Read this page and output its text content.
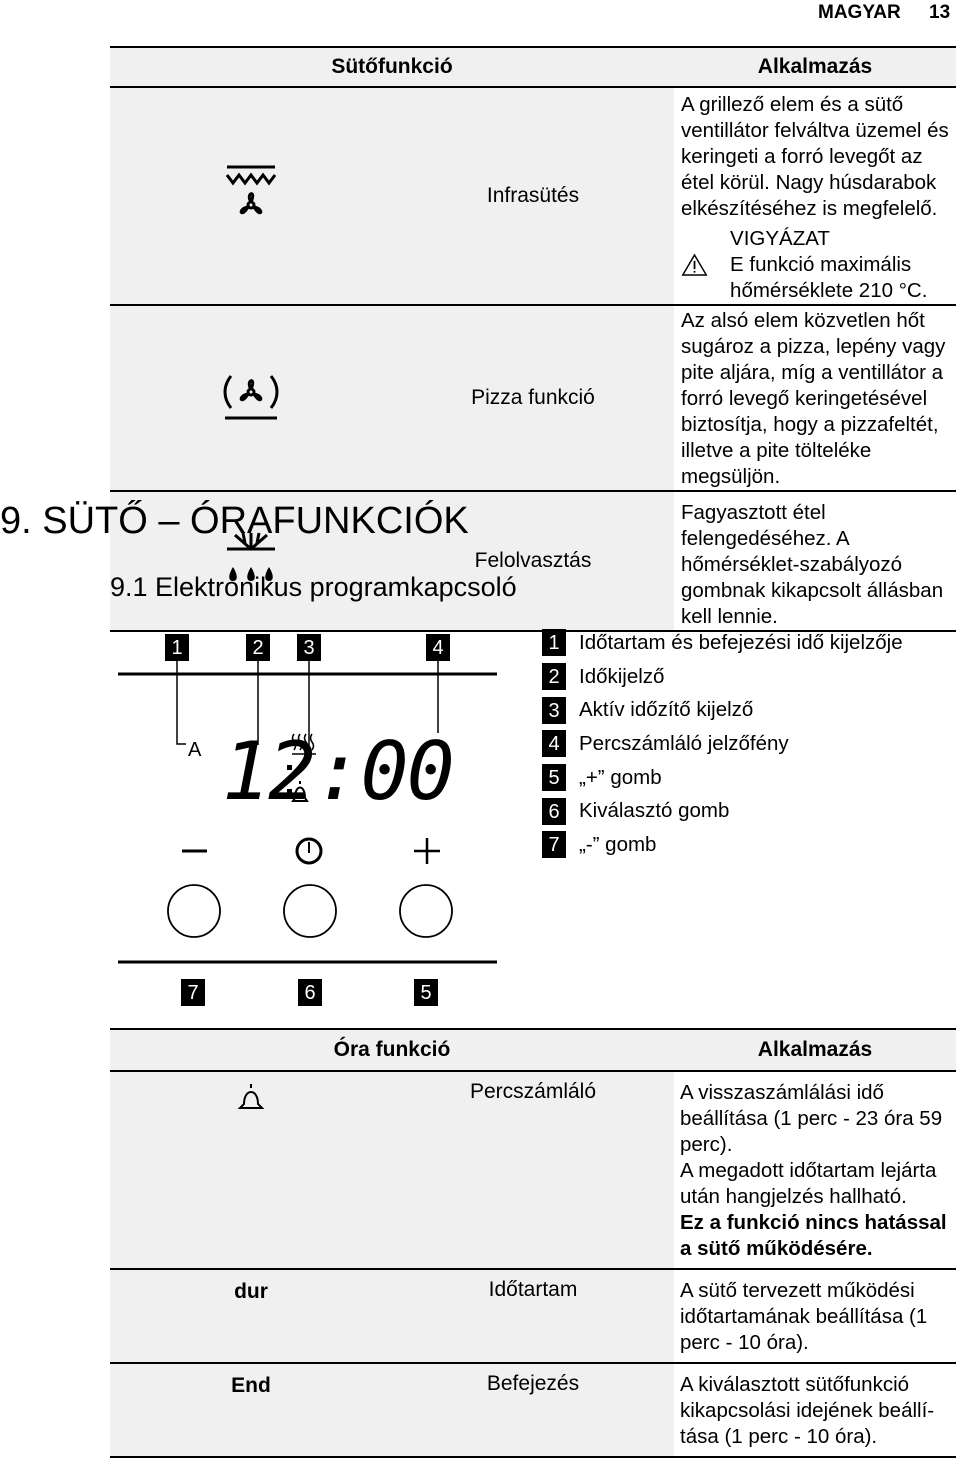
MAGYAR 13
Sütőfunkció		Alkalmazás
	Infrasütés	A grillező elem és a sütő ventillátor felváltva üzemel és keringeti a forró levegőt az étel körül. Nagy húsdarabok elkészítéséhez is megfelelő.
VIGYÁZAT
E funkció maximális hőmérséklete 210 °C.

	Pizza funkció	Az alsó elem közvetlen hőt sugároz a pizza, lepény vagy pite aljára, míg a ventillátor a forró levegő keringetésével biztosítja, hogy a pizzafeltét, illetve a pite tölteléke megsüljön.
	Felolvasztás	Fagyasztott étel felengedéséhez. A hőmérséklet-szabályozó gombnak kikapcsolt állásban kell lennie.
9. SÜTŐ – ÓRAFUNKCIÓK
9.1 Elektronikus programkapcsoló
12:00
1	2	3	4
A
7	6	5
1 Időtartam és befejezési idő kijelzője
2 Időkijelző
3 Aktív időzítő kijelző
4 Percszámláló jelzőfény
5 „+” gomb
6 Kiválasztó gomb
7 „-” gomb
Óra funkció		Alkalmazás
	Percszámláló	A visszaszámlálási idő beállítása (1 perc - 23 óra 59 perc).
A megadott időtartam lejárta után hangjelzés hallható.
Ez a funkció nincs hatással a sütő működésére.

dur	Időtartam	A sütő tervezett működési időtartamának beállítása (1 perc - 10 óra).
End	Befejezés	A kiválasztott sütőfunkció kikapcsolási idejének beállítása (1 perc - 10 óra).
